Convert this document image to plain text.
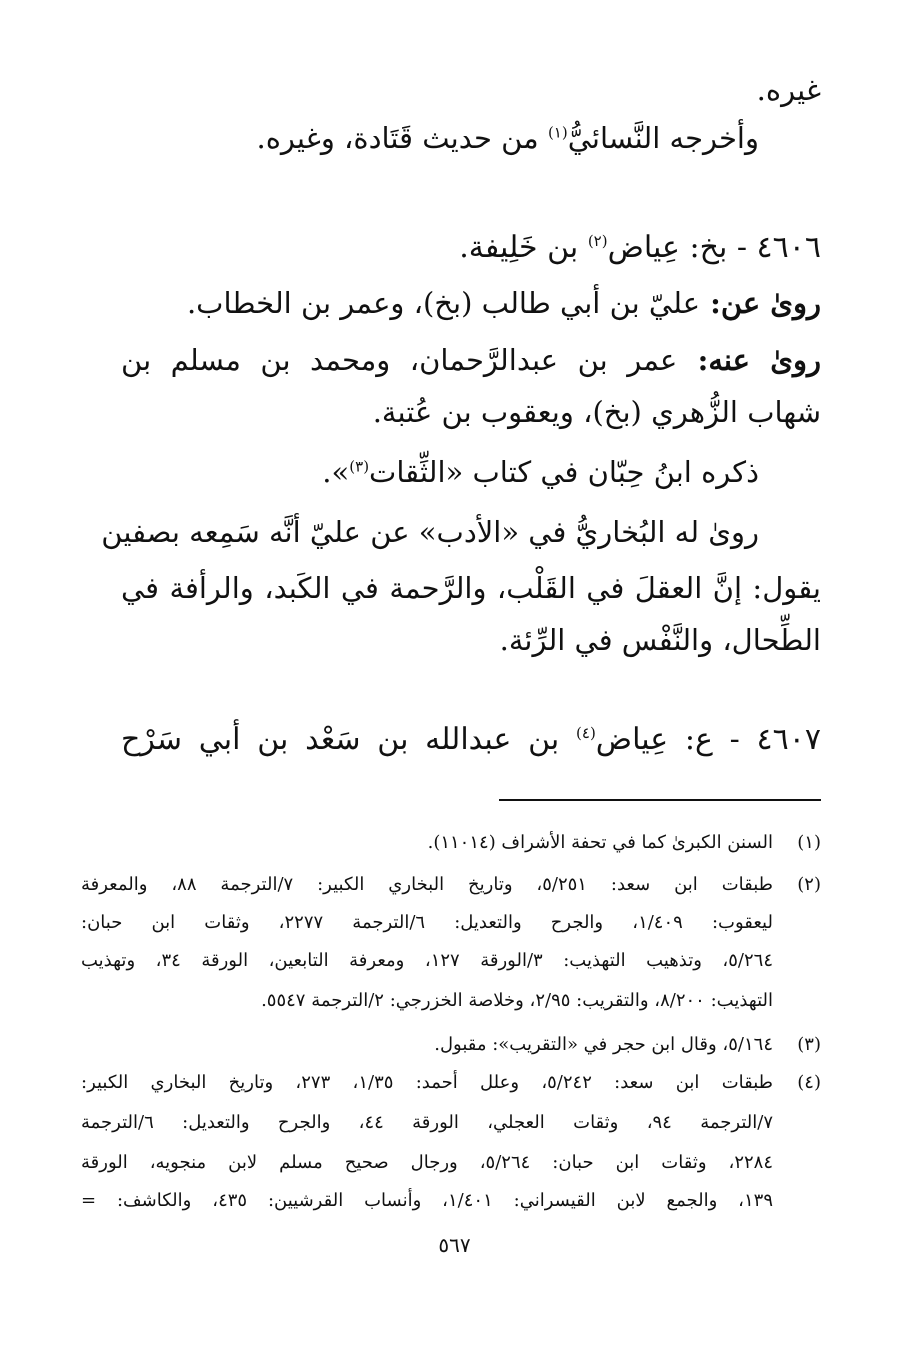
غيره.
وأخرجه النَّسائيُّ$^{(١)}$ من حديث قَتَادة، وغيره.
٤٦٠٦ - بخ: عِياض$^{(٢)}$ بن خَلِيفة.
رویٰ عن: عليّ بن أبي طالب (بخ)، وعمر بن الخطاب.
رویٰ عنه: عمر بن عبدالرَّحمان، ومحمد بن مسلم بن
شهاب الزُّهري (بخ)، ويعقوب بن عُتبة.
ذكره ابنُ حِبّان في كتاب «الثِّقات$^{(٣)}$».
رویٰ له البُخاريُّ في «الأدب» عن عليّ أنَّه سَمِعه بصفين
يقول: إنَّ العقلَ في القَلْب، والرَّحمة في الكَبد، والرأفة في
الطِّحال، والنَّفْس في الرِّئة.
٤٦٠٧ - ع: عِياض$^{(٤)}$ بن عبدالله بن سَعْد بن أبي سَرْح
(١)
السنن الكبرىٰ كما في تحفة الأشراف (١١٠١٤).
(٢)
طبقات ابن سعد: ٥/٢٥١، وتاريخ البخاري الكبير: ٧/الترجمة ٨٨، والمعرفة
ليعقوب: ١/٤٠٩، والجرح والتعديل: ٦/الترجمة ٢٢٧٧، وثقات ابن حبان:
٥/٢٦٤، وتذهيب التهذيب: ٣/الورقة ١٢٧، ومعرفة التابعين، الورقة ٣٤، وتهذيب
التهذيب: ٨/٢٠٠، والتقريب: ٢/٩٥، وخلاصة الخزرجي: ٢/الترجمة ٥٥٤٧.
(٣)
٥/١٦٤، وقال ابن حجر في «التقريب»: مقبول.
(٤)
طبقات ابن سعد: ٥/٢٤٢، وعلل أحمد: ١/٣٥، ٢٧٣، وتاريخ البخاري الكبير:
٧/الترجمة ٩٤، وثقات العجلي، الورقة ٤٤، والجرح والتعديل: ٦/الترجمة
٢٢٨٤، وثقات ابن حبان: ٥/٢٦٤، ورجال صحيح مسلم لابن منجويه، الورقة
١٣٩، والجمع لابن القيسراني: ١/٤٠١، وأنساب القرشيين: ٤٣٥، والكاشف: =
٥٦٧
